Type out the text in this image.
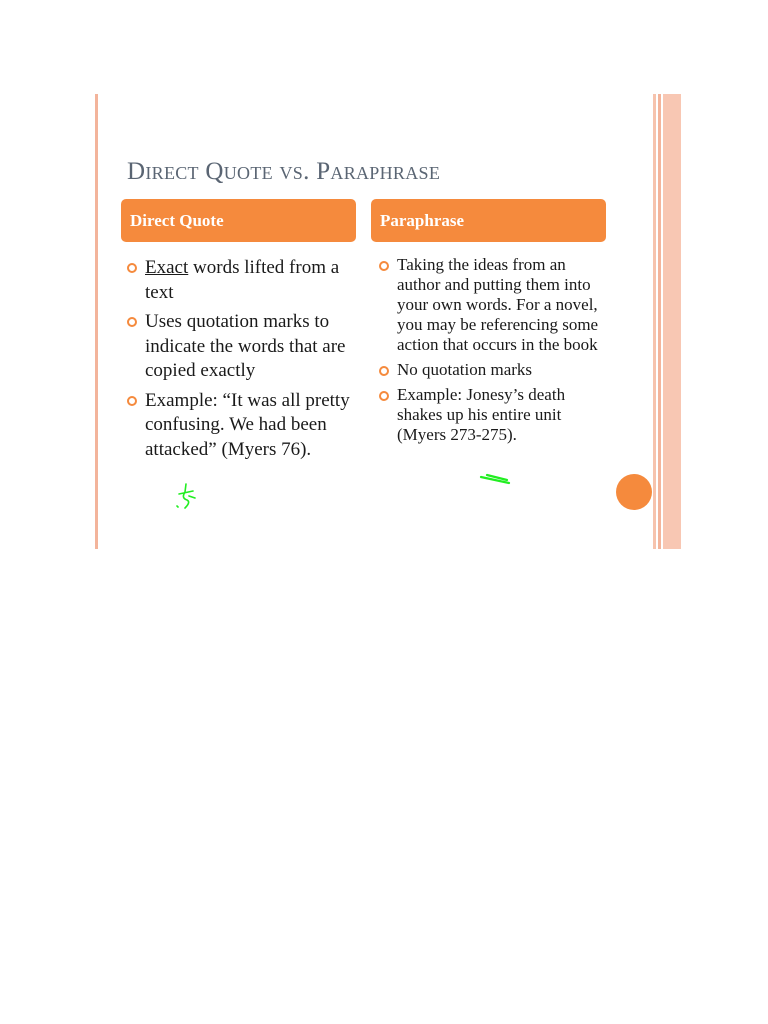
Direct Quote vs. Paraphrase
Direct Quote	Paraphrase
Exact words lifted from a text
Uses quotation marks to indicate the words that are copied exactly
Example: “It was all pretty confusing. We had been attacked” (Myers 76).
Taking the ideas from an author and putting them into your own words. For a novel, you may be referencing some action that occurs in the book
No quotation marks
Example: Jonesy’s death shakes up his entire unit (Myers 273-275).
